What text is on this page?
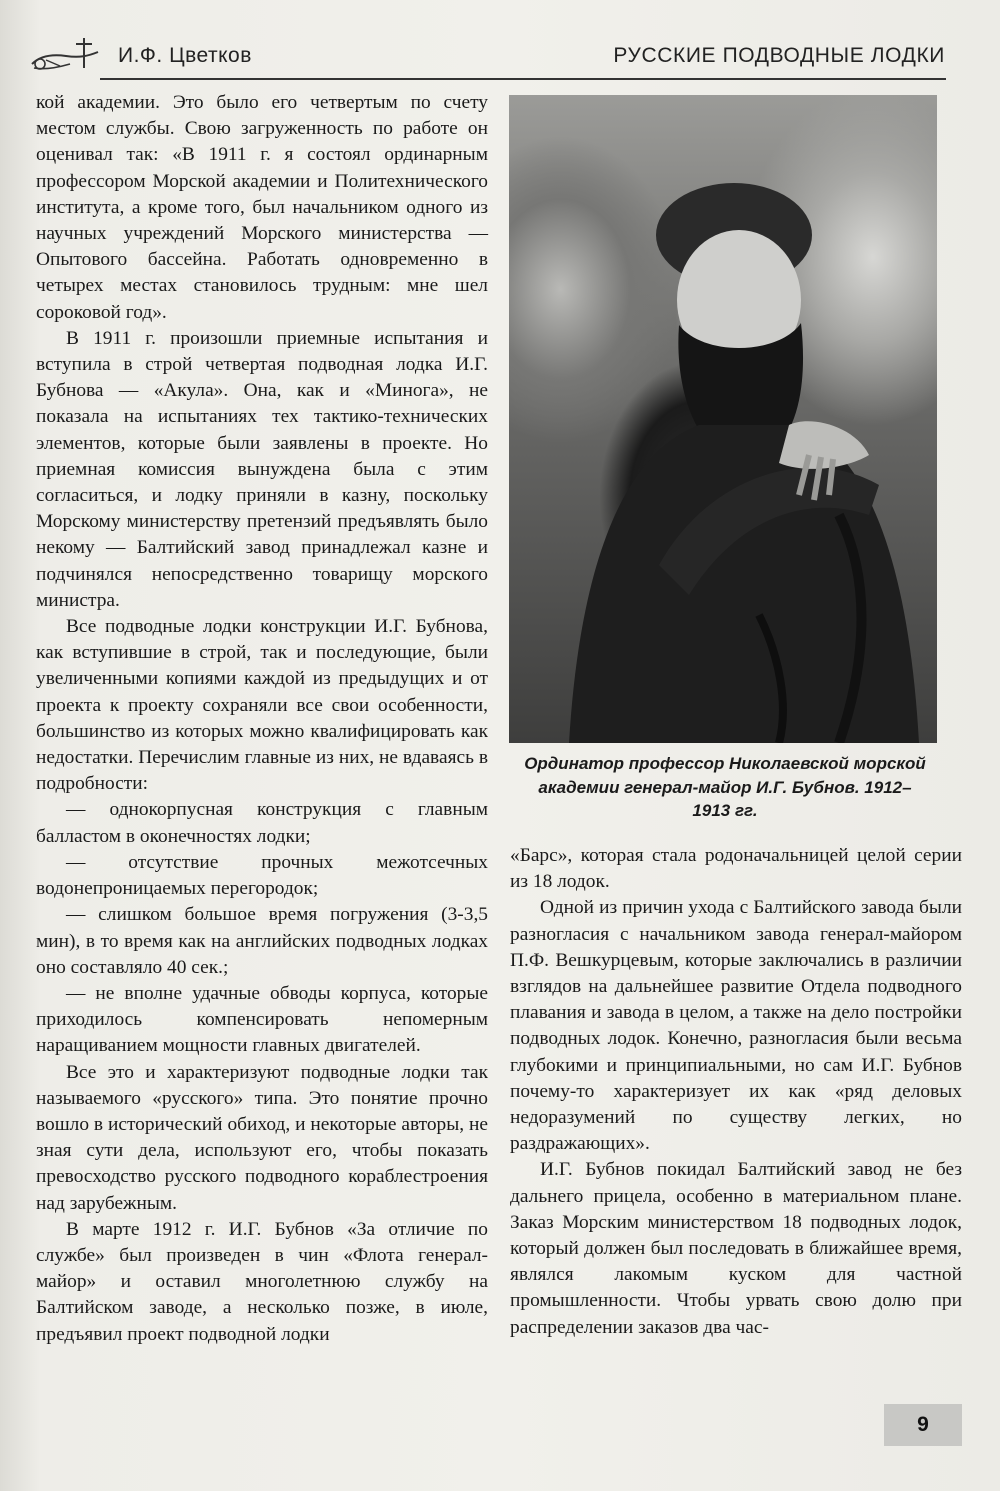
И.Ф. Цветков	РУССКИЕ ПОДВОДНЫЕ ЛОДКИ

кой академии. Это было его четвертым по счету местом службы. Свою загруженность по работе он оценивал так: «В 1911 г. я состоял ординарным профессором Морской академии и Политехнического института, а кроме того, был начальником одного из научных учреждений Морского министерства — Опытового бассейна. Работать одновременно в четырех местах становилось трудным: мне шел сороковой год».

В 1911 г. произошли приемные испытания и вступила в строй четвертая подводная лодка И.Г. Бубнова — «Акула». Она, как и «Минога», не показала на испытаниях тех тактико-технических элементов, которые были заявлены в проекте. Но приемная комиссия вынуждена была с этим согласиться, и лодку приняли в казну, поскольку Морскому министерству претензий предъявлять было некому — Балтийский завод принадлежал казне и подчинялся непосредственно товарищу морского министра.

Все подводные лодки конструкции И.Г. Бубнова, как вступившие в строй, так и последующие, были увеличенными копиями каждой из предыдущих и от проекта к проекту сохраняли все свои особенности, большинство из которых можно квалифицировать как недостатки. Перечислим главные из них, не вдаваясь в подробности:

— однокорпусная конструкция с главным балластом в оконечностях лодки;

— отсутствие прочных межотсечных водонепроницаемых перегородок;

— слишком большое время погружения (3-3,5 мин), в то время как на английских подводных лодках оно составляло 40 сек.;

— не вполне удачные обводы корпуса, которые приходилось компенсировать непомерным наращиванием мощности главных двигателей.

Все это и характеризуют подводные лодки так называемого «русского» типа. Это понятие прочно вошло в исторический обиход, и некоторые авторы, не зная сути дела, используют его, чтобы показать превосходство русского подводного кораблестроения над зарубежным.

В марте 1912 г. И.Г. Бубнов «За отличие по службе» был произведен в чин «Флота генерал-майор» и оставил многолетнюю службу на Балтийском заводе, а несколько позже, в июле, предъявил проект подводной лодки

Ординатор профессор Николаевской морской академии генерал-майор И.Г. Бубнов. 1912–1913 гг.

«Барс», которая стала родоначальницей целой серии из 18 лодок.

Одной из причин ухода с Балтийского завода были разногласия с начальником завода генерал-майором П.Ф. Вешкурцевым, которые заключались в различии взглядов на дальнейшее развитие Отдела подводного плавания и завода в целом, а также на дело постройки подводных лодок. Конечно, разногласия были весьма глубокими и принципиальными, но сам И.Г. Бубнов почему-то характеризует их как «ряд деловых недоразумений по существу легких, но раздражающих».

И.Г. Бубнов покидал Балтийский завод не без дальнего прицела, особенно в материальном плане. Заказ Морским министерством 18 подводных лодок, который должен был последовать в ближайшее время, являлся лакомым куском для частной промышленности. Чтобы урвать свою долю при распределении заказов два час-

9
